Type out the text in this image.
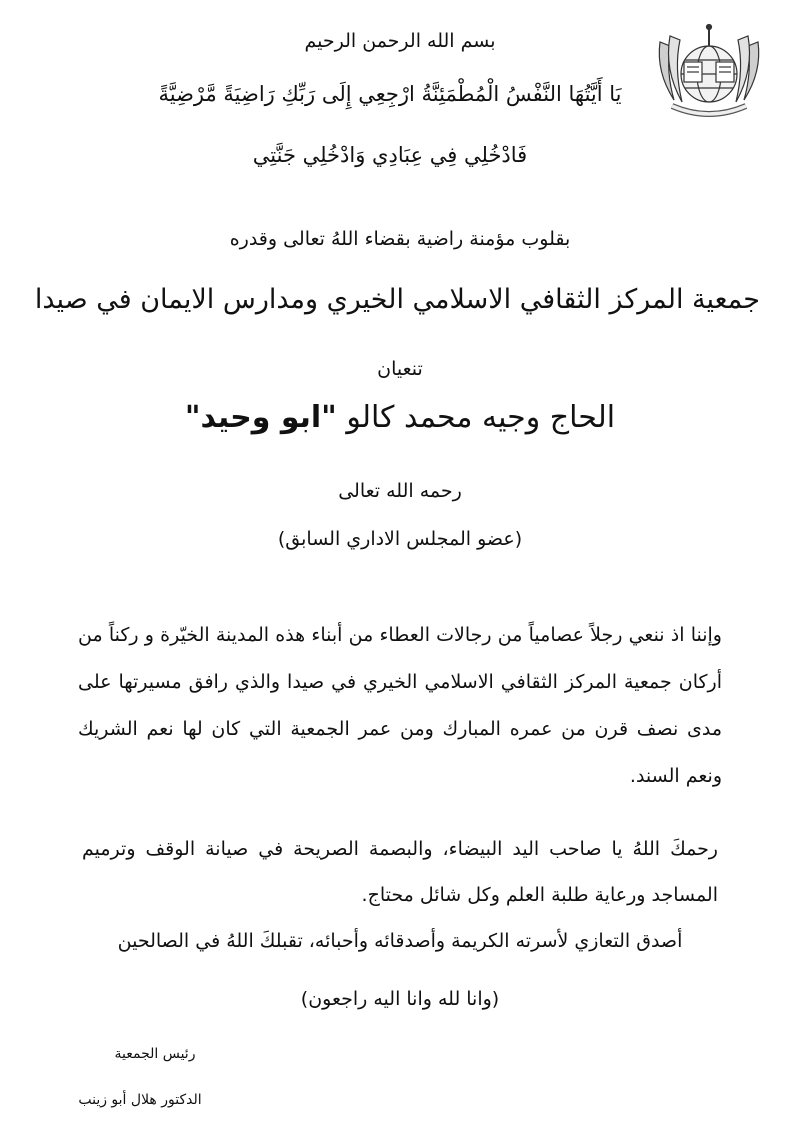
بسم الله الرحمن الرحيم
يَا أَيَّتُهَا النَّفْسُ الْمُطْمَئِنَّةُ ارْجِعِي إِلَى رَبِّكِ رَاضِيَةً مَّرْضِيَّةً
فَادْخُلِي فِي عِبَادِي وَادْخُلِي جَنَّتِي
بقلوب مؤمنة راضية بقضاء اللهُ تعالى وقدره
جمعية المركز الثقافي الاسلامي الخيري ومدارس الايمان في صيدا
تنعيان
الحاج وجيه محمد كالو "ابو وحيد"
رحمه الله تعالى
(عضو المجلس الاداري السابق)
وإننا اذ ننعي رجلاً عصامياً من رجالات العطاء من أبناء هذه المدينة الخيّرة و ركناً من أركان جمعية المركز الثقافي الاسلامي الخيري في صيدا والذي رافق مسيرتها على مدى نصف قرن من عمره المبارك ومن عمر الجمعية التي كان لها نعم الشريك ونعم السند.
رحمكَ اللهُ يا صاحب اليد البيضاء، والبصمة الصريحة في صيانة الوقف وترميم المساجد ورعاية طلبة العلم وكل شائل محتاج.
أصدق التعازي لأسرته الكريمة وأصدقائه وأحبائه، تقبلكَ اللهُ في الصالحين
(وانا لله وانا اليه راجعون)
رئيس الجمعية
الدكتور هلال أبو زينب
